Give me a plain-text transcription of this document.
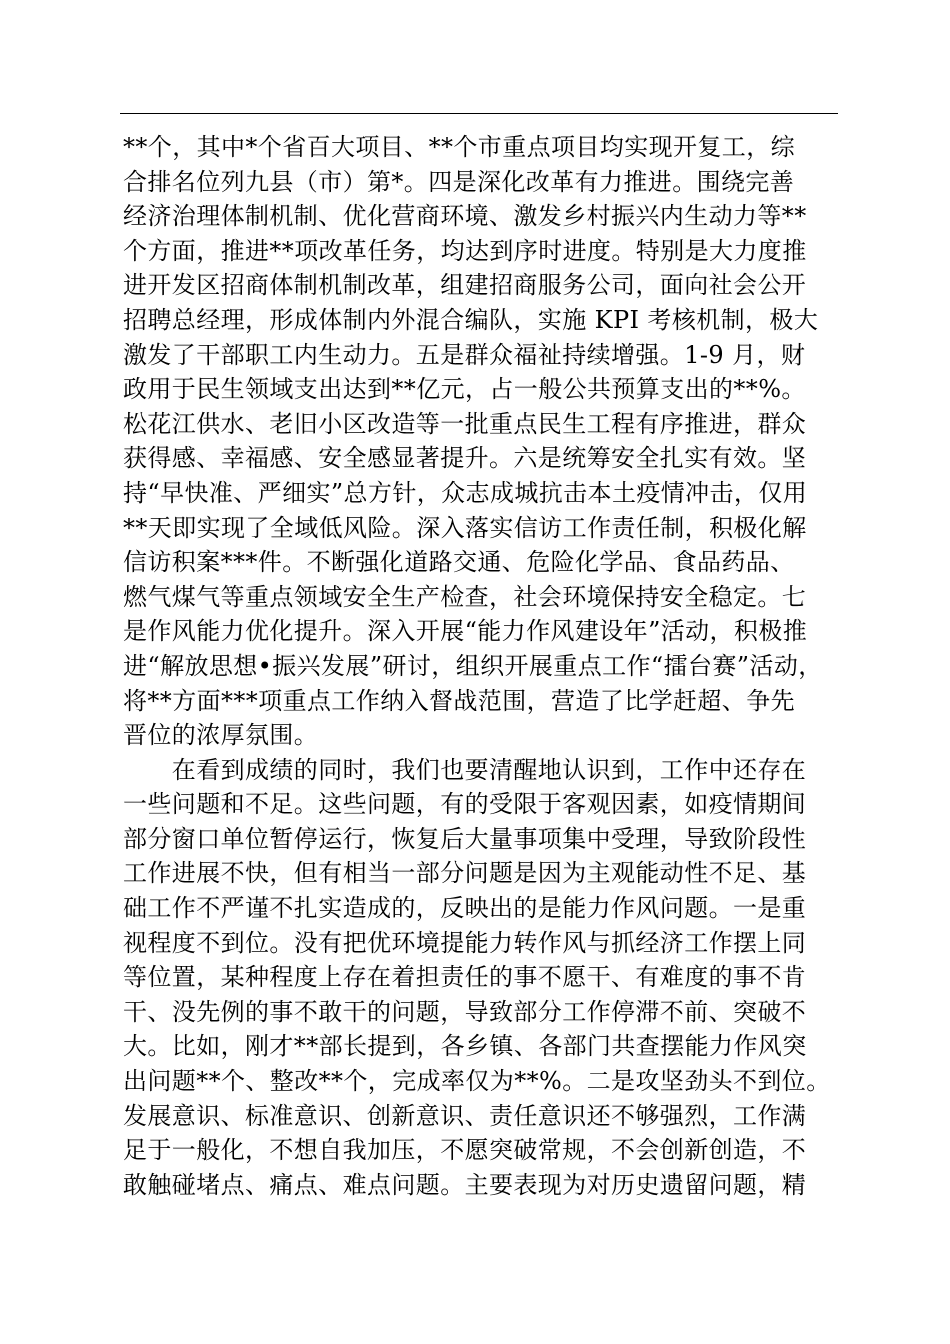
**个，其中*个省百大项目、**个市重点项目均实现开复工，综
合排名位列九县（市）第*。四是深化改革有力推进。围绕完善
经济治理体制机制、优化营商环境、激发乡村振兴内生动力等**
个方面，推进**项改革任务，均达到序时进度。特别是大力度推
进开发区招商体制机制改革，组建招商服务公司，面向社会公开
招聘总经理，形成体制内外混合编队，实施 KPI 考核机制，极大
激发了干部职工内生动力。五是群众福祉持续增强。1-9 月，财
政用于民生领域支出达到**亿元，占一般公共预算支出的**%。
松花江供水、老旧小区改造等一批重点民生工程有序推进，群众
获得感、幸福感、安全感显著提升。六是统筹安全扎实有效。坚
持“早快准、严细实”总方针，众志成城抗击本土疫情冲击，仅用
**天即实现了全域低风险。深入落实信访工作责任制，积极化解
信访积案***件。不断强化道路交通、危险化学品、食品药品、
燃气煤气等重点领域安全生产检查，社会环境保持安全稳定。七
是作风能力优化提升。深入开展“能力作风建设年”活动，积极推
进“解放思想•振兴发展”研讨，组织开展重点工作“擂台赛”活动，
将**方面***项重点工作纳入督战范围，营造了比学赶超、争先
晋位的浓厚氛围。
　　在看到成绩的同时，我们也要清醒地认识到，工作中还存在
一些问题和不足。这些问题，有的受限于客观因素，如疫情期间
部分窗口单位暂停运行，恢复后大量事项集中受理，导致阶段性
工作进展不快，但有相当一部分问题是因为主观能动性不足、基
础工作不严谨不扎实造成的，反映出的是能力作风问题。一是重
视程度不到位。没有把优环境提能力转作风与抓经济工作摆上同
等位置，某种程度上存在着担责任的事不愿干、有难度的事不肯
干、没先例的事不敢干的问题，导致部分工作停滞不前、突破不
大。比如，刚才**部长提到，各乡镇、各部门共查摆能力作风突
出问题**个、整改**个，完成率仅为**%。二是攻坚劲头不到位。
发展意识、标准意识、创新意识、责任意识还不够强烈，工作满
足于一般化，不想自我加压，不愿突破常规，不会创新创造，不
敢触碰堵点、痛点、难点问题。主要表现为对历史遗留问题，精
